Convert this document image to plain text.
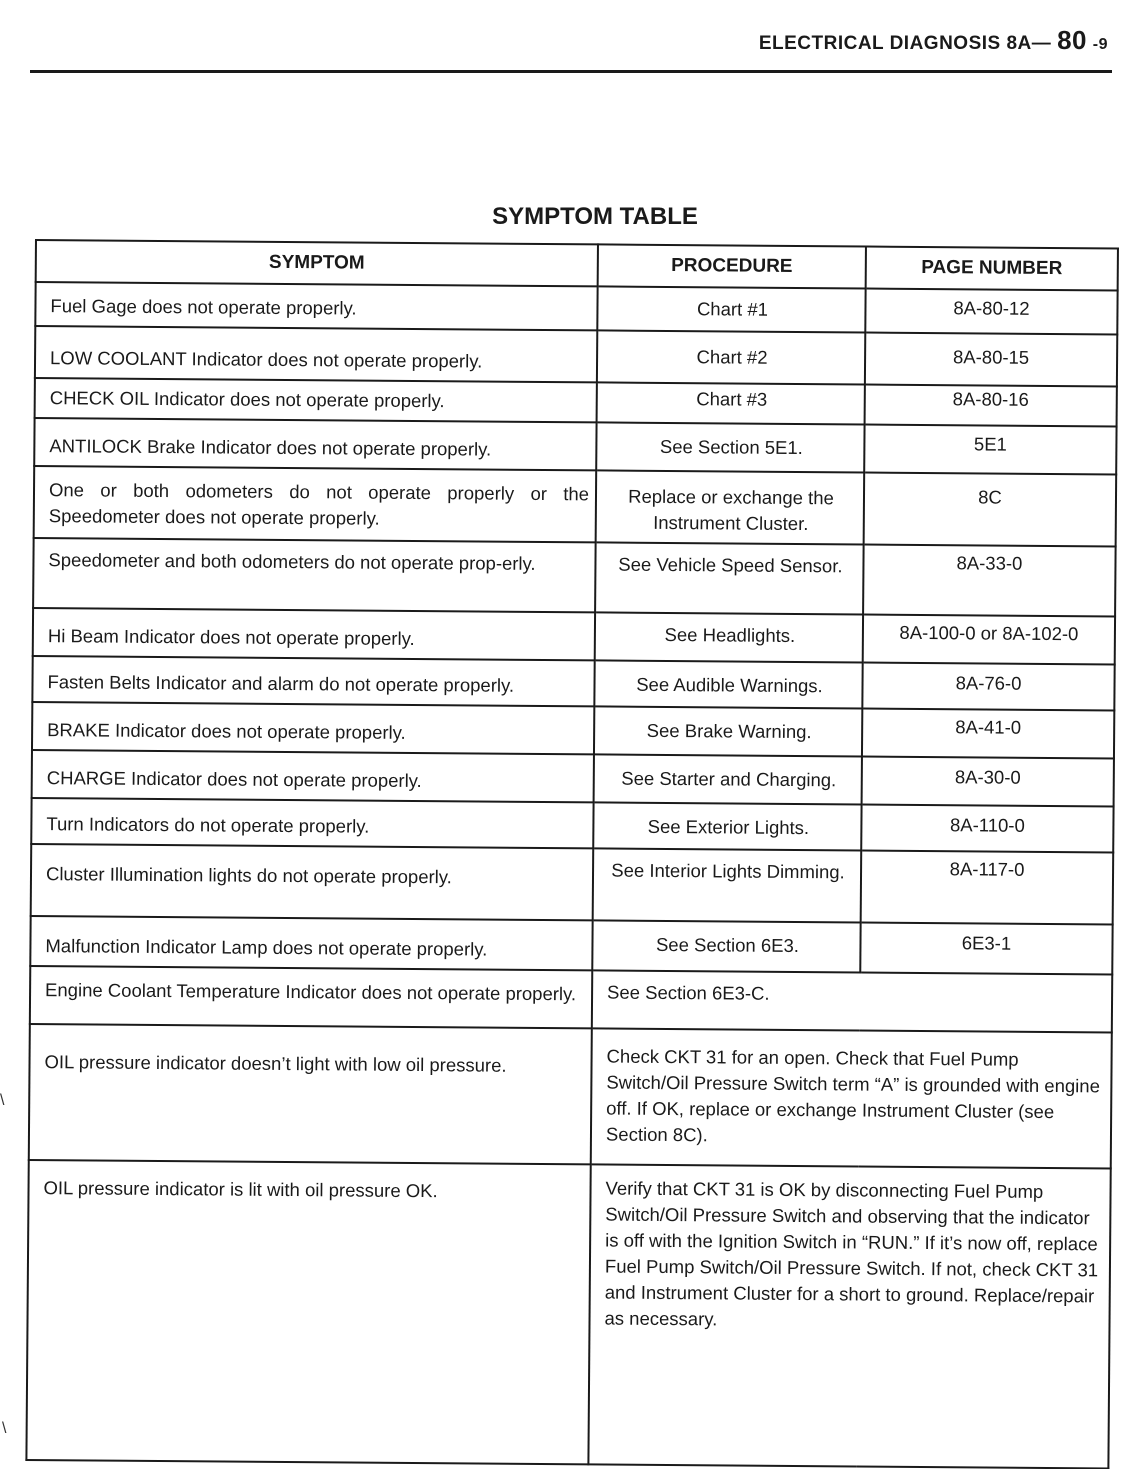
ELECTRICAL DIAGNOSIS 8A— 80 -9
SYMPTOM TABLE
SYMPTOM	PROCEDURE	PAGE NUMBER
Fuel Gage does not operate properly.	Chart #1	8A-80-12
LOW COOLANT Indicator does not operate properly.	Chart #2	8A-80-15
CHECK OIL Indicator does not operate properly.	Chart #3	8A-80-16
ANTILOCK Brake Indicator does not operate properly.	See Section 5E1.	5E1
One or both odometers do not operate properly or the Speedometer does not operate properly.	Replace or exchange the Instrument Cluster.	8C
Speedometer and both odometers do not operate prop-erly.	See Vehicle Speed Sensor.	8A-33-0
Hi Beam Indicator does not operate properly.	See Headlights.	8A-100-0 or 8A-102-0
Fasten Belts Indicator and alarm do not operate properly.	See Audible Warnings.	8A-76-0
BRAKE Indicator does not operate properly.	See Brake Warning.	8A-41-0
CHARGE Indicator does not operate properly.	See Starter and Charging.	8A-30-0
Turn Indicators do not operate properly.	See Exterior Lights.	8A-110-0
Cluster Illumination lights do not operate properly.	See Interior Lights Dimming.	8A-117-0
Malfunction Indicator Lamp does not operate properly.	See Section 6E3.	6E3-1
Engine Coolant Temperature Indicator does not operate properly.	See Section 6E3-C.	
OIL pressure indicator doesn’t light with low oil pressure.	Check CKT 31 for an open. Check that Fuel Pump Switch/Oil Pressure Switch term “A” is grounded with engine off. If OK, replace or exchange Instrument Cluster (see Section 8C).	
OIL pressure indicator is lit with oil pressure OK.	Verify that CKT 31 is OK by disconnecting Fuel Pump Switch/Oil Pressure Switch and observing that the indicator is off with the Ignition Switch in “RUN.” If it’s now off, replace Fuel Pump Switch/Oil Pressure Switch. If not, check CKT 31 and Instrument Cluster for a short to ground. Replace/repair as necessary.	
\
\
